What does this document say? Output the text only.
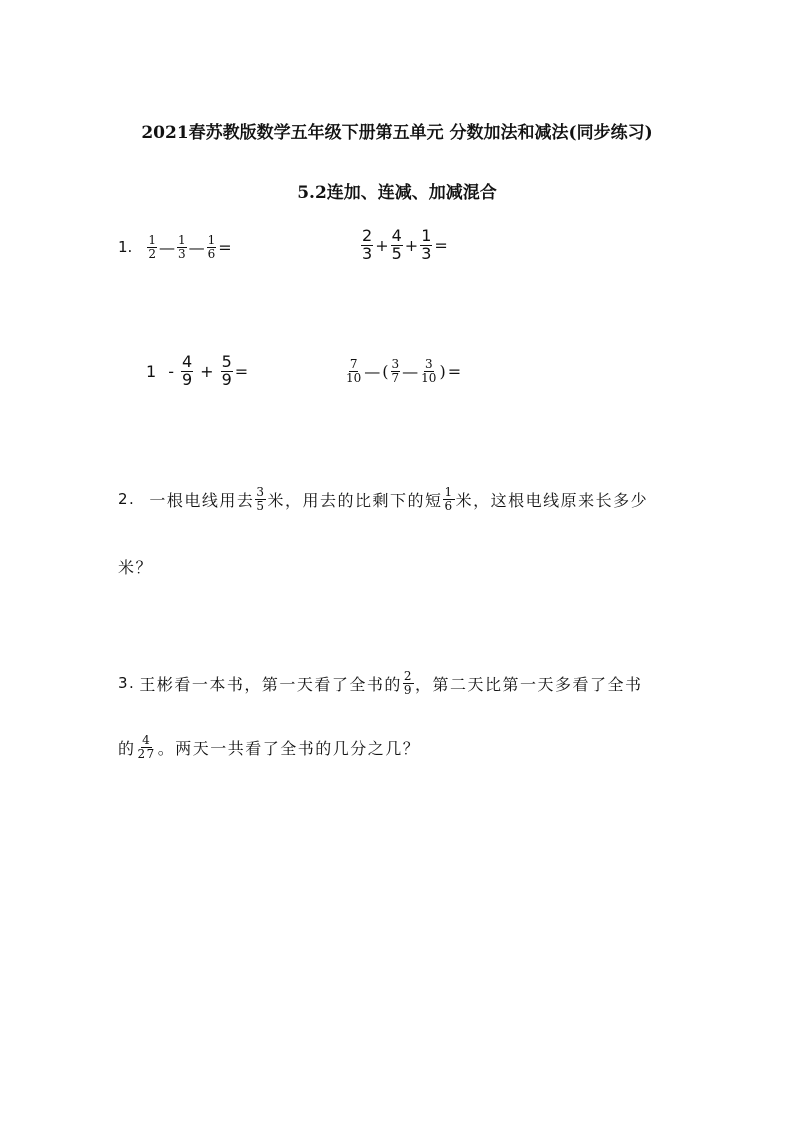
2021春苏教版数学五年级下册第五单元 分数加法和减法(同步练习)
5.2连加、连减、加减混合
1. $\frac{1}{2}$ — $\frac{1}{3}$ — $\frac{1}{6}$ =	$\frac{2}{3} + \frac{4}{5} + \frac{1}{3}$ =
$1 - \frac{4}{9} + \frac{5}{9}$ =	$\frac{7}{10}$ — ( $\frac{3}{7}$ — $\frac{3}{10}$ ) =
2. 一根电线用去 $\frac{3}{5}$ 米，用去的比剩下的短 $\frac{1}{6}$ 米，这根电线原来长多少
米？
3. 王彬看一本书，第一天看了全书的 $\frac{2}{9}$ ，第二天比第一天多看了全书
的 $\frac{4}{27}$ 。两天一共看了全书的几分之几？
